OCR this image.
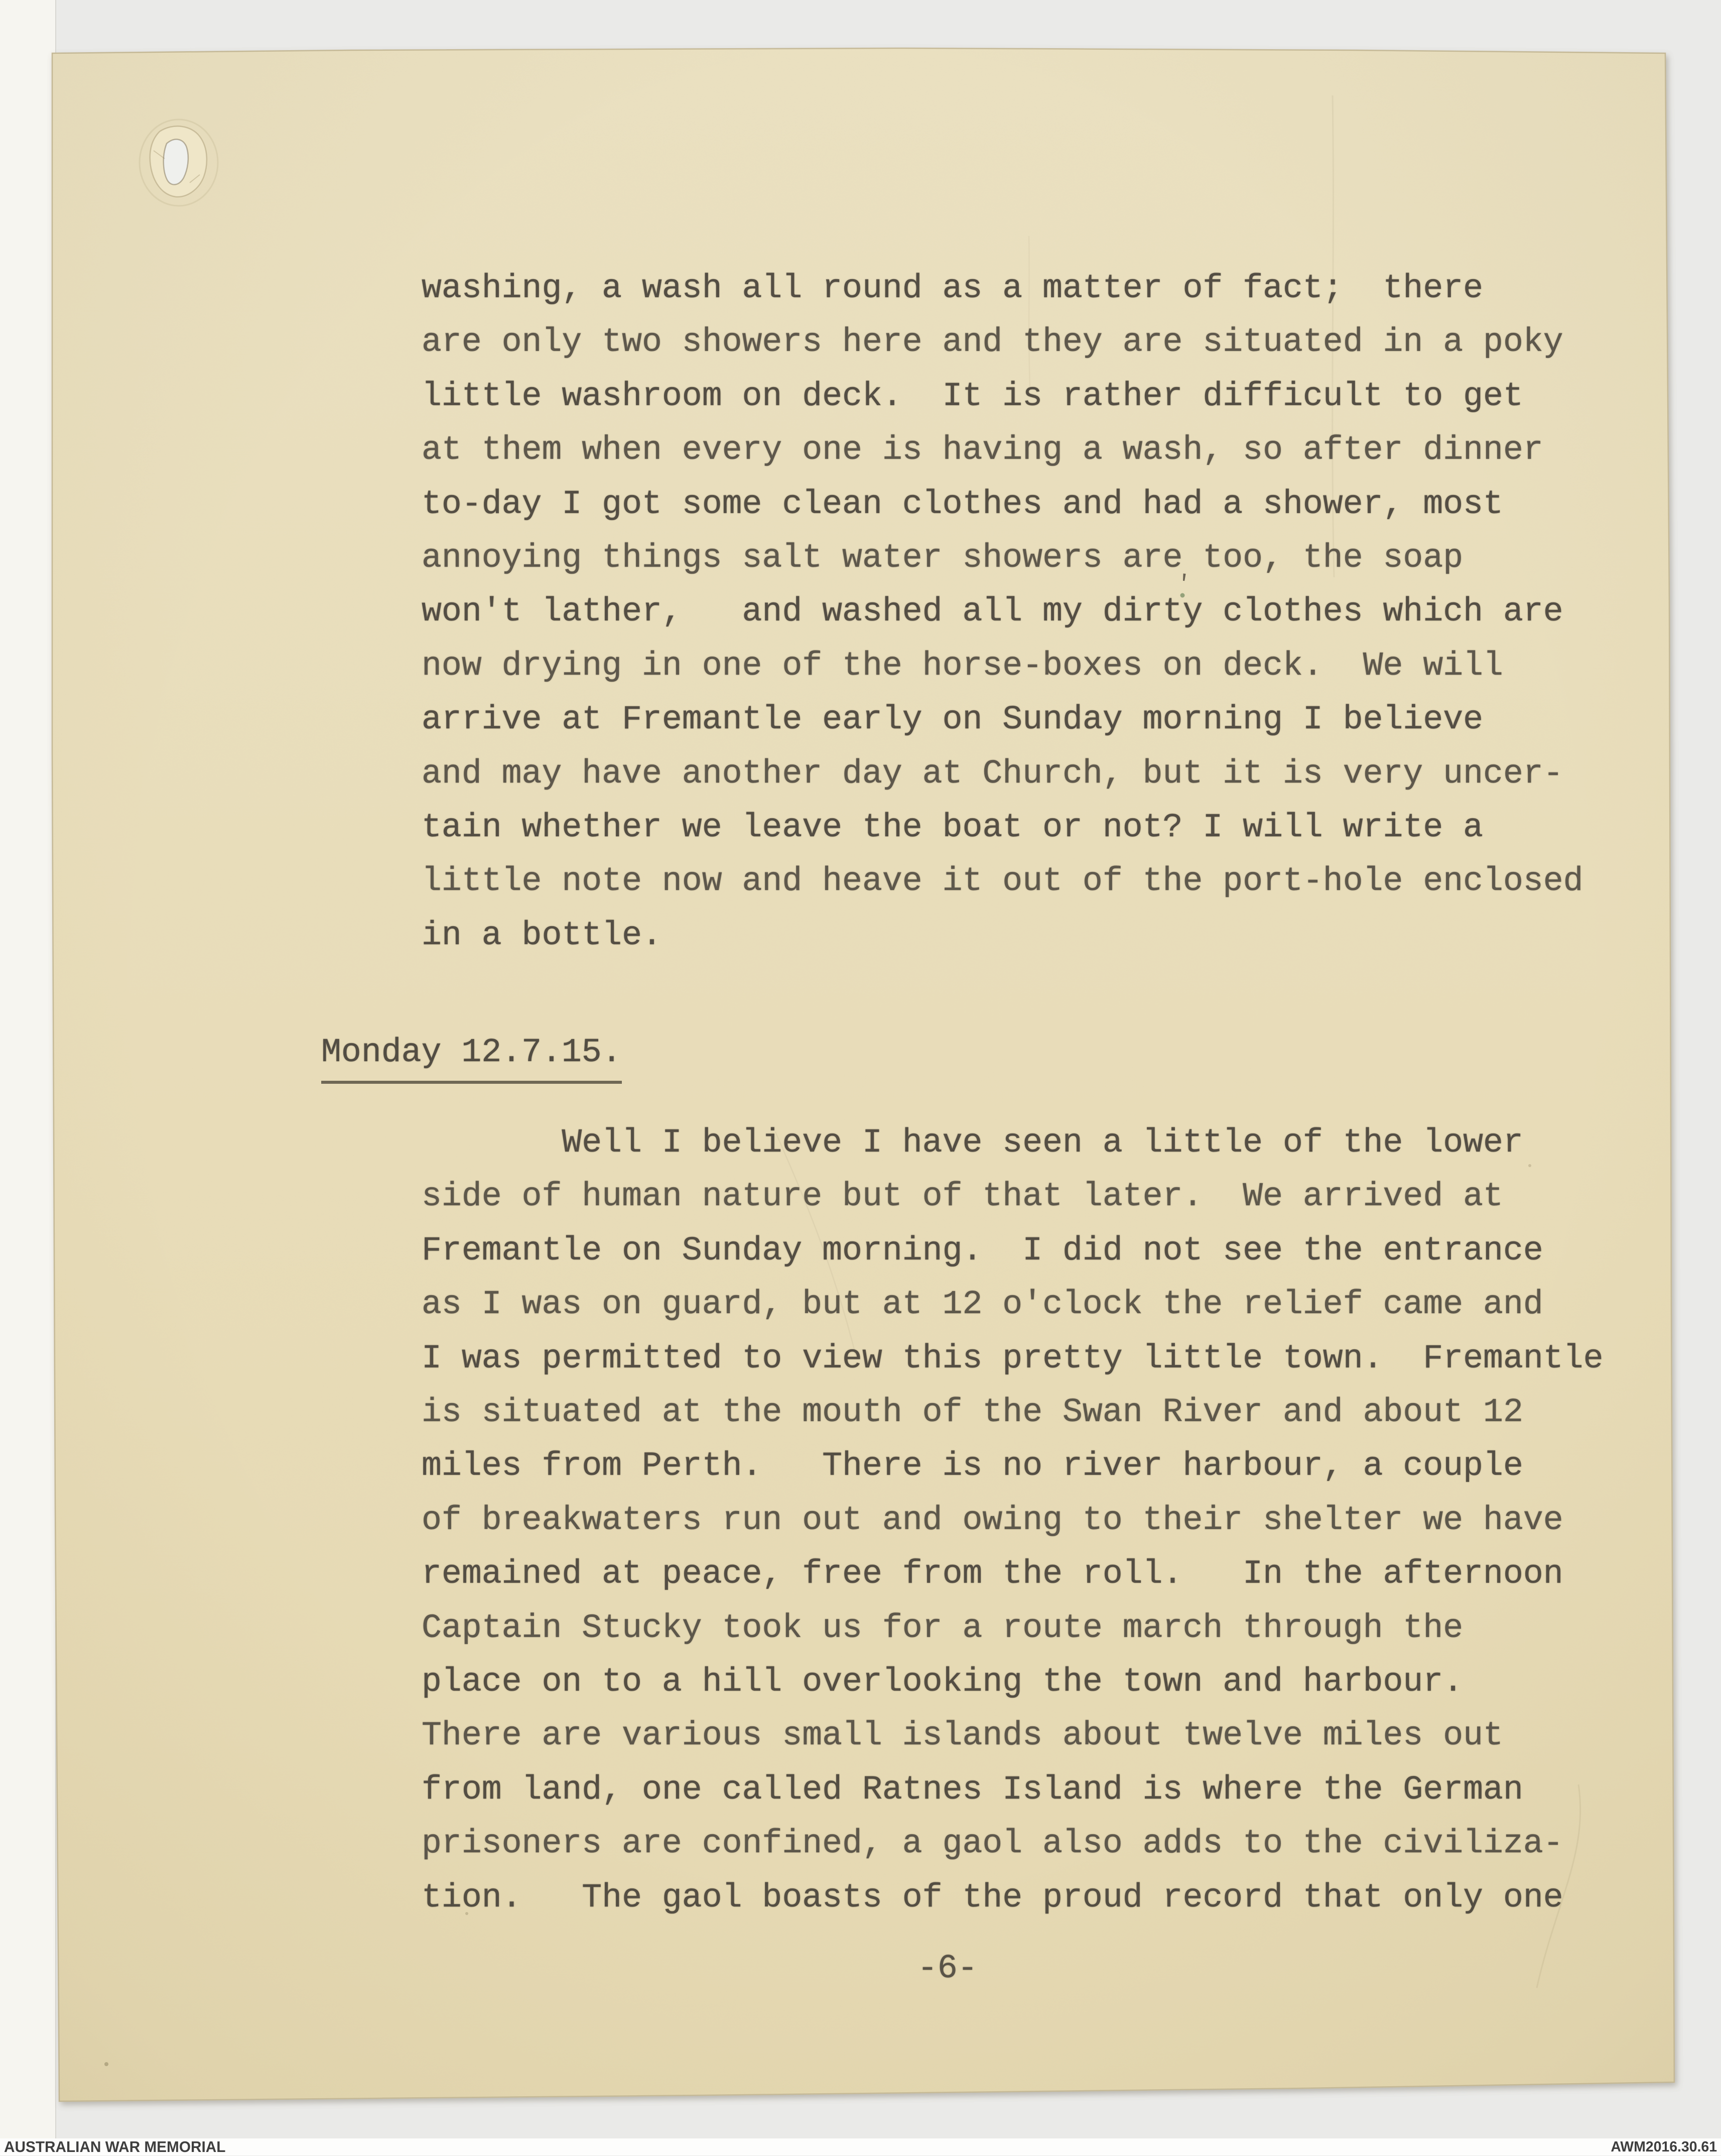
washing, a wash all round as a matter of fact;  there
are only two showers here and they are situated in a poky
little washroom on deck.  It is rather difficult to get
at them when every one is having a wash, so after dinner
to-day I got some clean clothes and had a shower, most
annoying things salt water showers are too, the soap
won't lather,   and washed all my dirty clothes which are
now drying in one of the horse-boxes on deck.  We will
arrive at Fremantle early on Sunday morning I believe
and may have another day at Church, but it is very uncer-
tain whether we leave the boat or not? I will write a
little note now and heave it out of the port-hole enclosed
in a bottle.
Monday 12.7.15.
Well I believe I have seen a little of the lower
side of human nature but of that later.  We arrived at
Fremantle on Sunday morning.  I did not see the entrance
as I was on guard, but at 12 o'clock the relief came and
I was permitted to view this pretty little town.  Fremantle
is situated at the mouth of the Swan River and about 12
miles from Perth.   There is no river harbour, a couple
of breakwaters run out and owing to their shelter we have
remained at peace, free from the roll.   In the afternoon
Captain Stucky took us for a route march through the
place on to a hill overlooking the town and harbour.
There are various small islands about twelve miles out
from land, one called Ratnes Island is where the German
prisoners are confined, a gaol also adds to the civiliza-
tion.   The gaol boasts of the proud record that only one
-6-
'
AUSTRALIAN WAR MEMORIAL	AWM2016.30.61
